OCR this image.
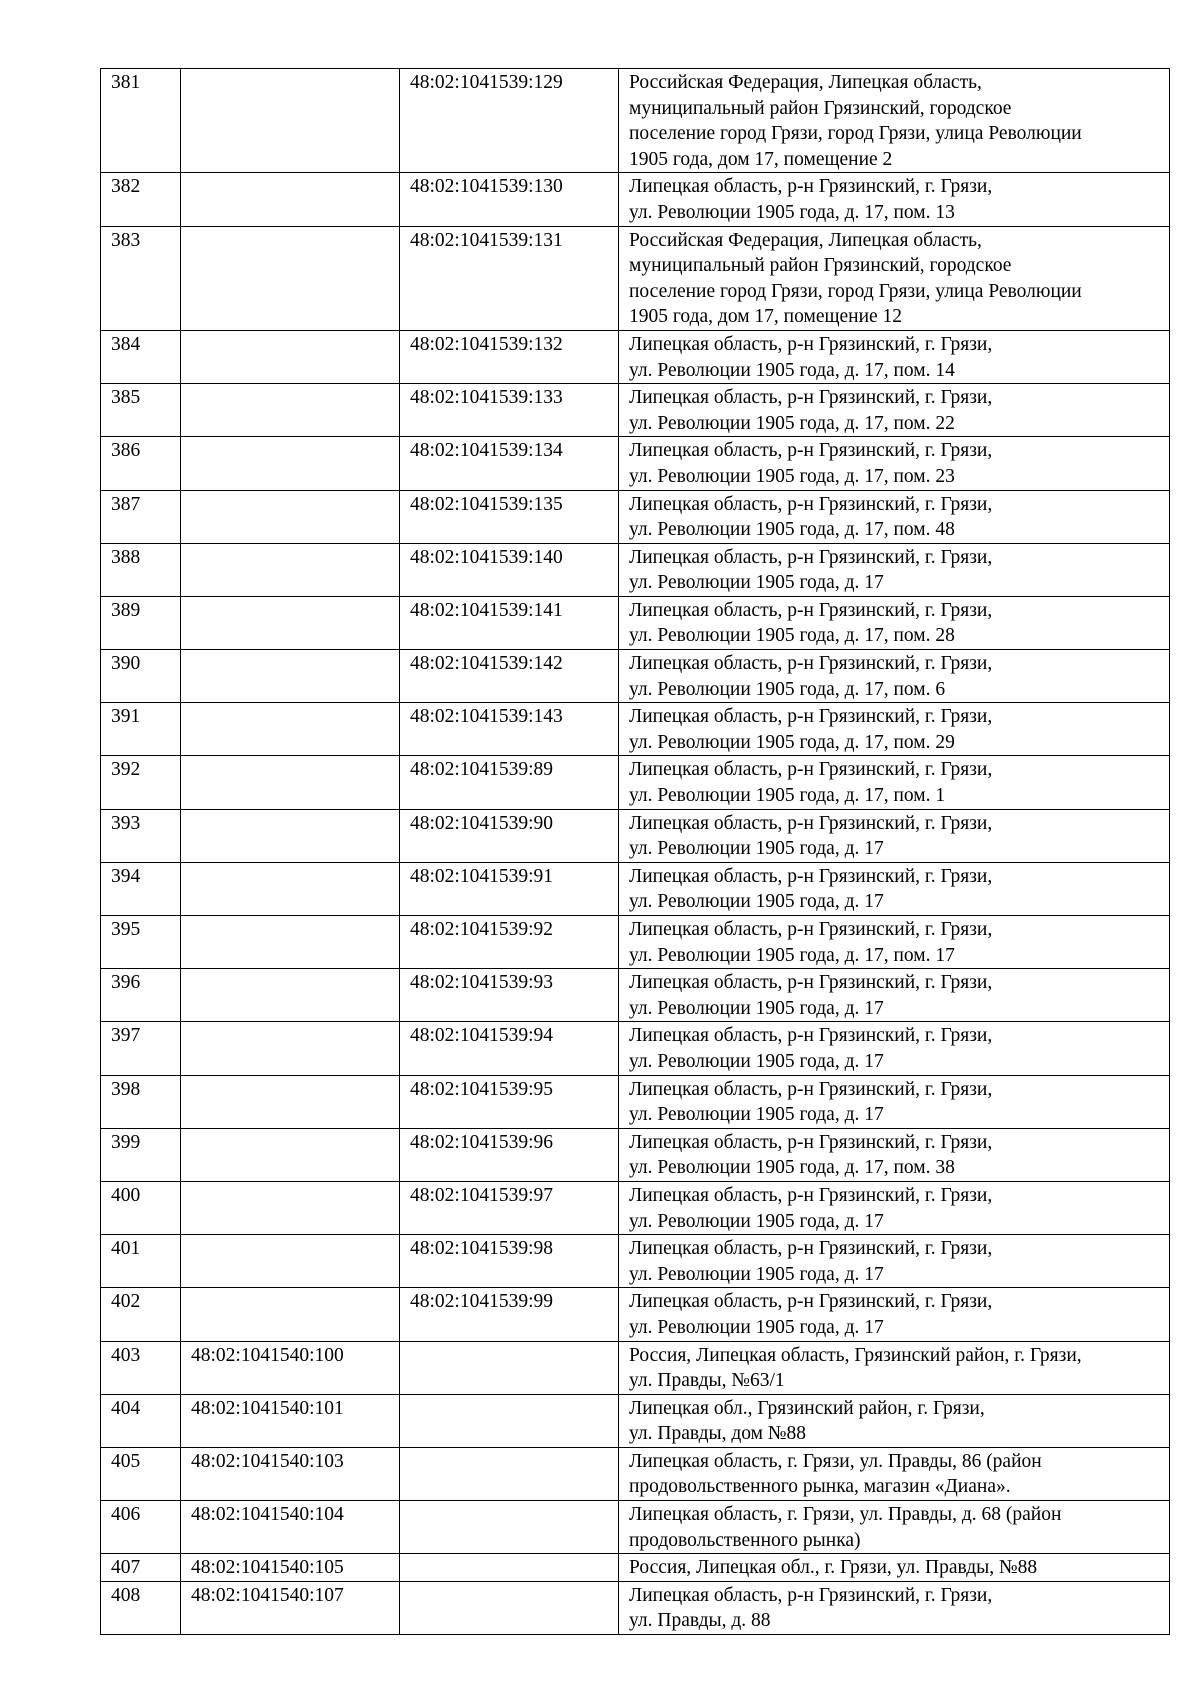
381		48:02:1041539:129	Российская Федерация, Липецкая область,
муниципальный район Грязинский, городское
поселение город Грязи, город Грязи, улица Революции
1905 года, дом 17, помещение 2
382		48:02:1041539:130	Липецкая область, р-н Грязинский, г. Грязи,
ул. Революции 1905 года, д. 17, пом. 13
383		48:02:1041539:131	Российская Федерация, Липецкая область,
муниципальный район Грязинский, городское
поселение город Грязи, город Грязи, улица Революции
1905 года, дом 17, помещение 12
384		48:02:1041539:132	Липецкая область, р-н Грязинский, г. Грязи,
ул. Революции 1905 года, д. 17, пом. 14
385		48:02:1041539:133	Липецкая область, р-н Грязинский, г. Грязи,
ул. Революции 1905 года, д. 17, пом. 22
386		48:02:1041539:134	Липецкая область, р-н Грязинский, г. Грязи,
ул. Революции 1905 года, д. 17, пом. 23
387		48:02:1041539:135	Липецкая область, р-н Грязинский, г. Грязи,
ул. Революции 1905 года, д. 17, пом. 48
388		48:02:1041539:140	Липецкая область, р-н Грязинский, г. Грязи,
ул. Революции 1905 года, д. 17
389		48:02:1041539:141	Липецкая область, р-н Грязинский, г. Грязи,
ул. Революции 1905 года, д. 17, пом. 28
390		48:02:1041539:142	Липецкая область, р-н Грязинский, г. Грязи,
ул. Революции 1905 года, д. 17, пом. 6
391		48:02:1041539:143	Липецкая область, р-н Грязинский, г. Грязи,
ул. Революции 1905 года, д. 17, пом. 29
392		48:02:1041539:89	Липецкая область, р-н Грязинский, г. Грязи,
ул. Революции 1905 года, д. 17, пом. 1
393		48:02:1041539:90	Липецкая область, р-н Грязинский, г. Грязи,
ул. Революции 1905 года, д. 17
394		48:02:1041539:91	Липецкая область, р-н Грязинский, г. Грязи,
ул. Революции 1905 года, д. 17
395		48:02:1041539:92	Липецкая область, р-н Грязинский, г. Грязи,
ул. Революции 1905 года, д. 17, пом. 17
396		48:02:1041539:93	Липецкая область, р-н Грязинский, г. Грязи,
ул. Революции 1905 года, д. 17
397		48:02:1041539:94	Липецкая область, р-н Грязинский, г. Грязи,
ул. Революции 1905 года, д. 17
398		48:02:1041539:95	Липецкая область, р-н Грязинский, г. Грязи,
ул. Революции 1905 года, д. 17
399		48:02:1041539:96	Липецкая область, р-н Грязинский, г. Грязи,
ул. Революции 1905 года, д. 17, пом. 38
400		48:02:1041539:97	Липецкая область, р-н Грязинский, г. Грязи,
ул. Революции 1905 года, д. 17
401		48:02:1041539:98	Липецкая область, р-н Грязинский, г. Грязи,
ул. Революции 1905 года, д. 17
402		48:02:1041539:99	Липецкая область, р-н Грязинский, г. Грязи,
ул. Революции 1905 года, д. 17
403	48:02:1041540:100		Россия, Липецкая область, Грязинский район, г. Грязи,
ул. Правды, №63/1
404	48:02:1041540:101		Липецкая обл., Грязинский район, г. Грязи,
ул. Правды, дом №88
405	48:02:1041540:103		Липецкая область, г. Грязи, ул. Правды, 86 (район
продовольственного рынка, магазин «Диана».
406	48:02:1041540:104		Липецкая область, г. Грязи, ул. Правды, д. 68 (район
продовольственного рынка)
407	48:02:1041540:105		Россия, Липецкая обл., г. Грязи, ул. Правды, №88
408	48:02:1041540:107		Липецкая область, р-н Грязинский, г. Грязи,
ул. Правды, д. 88
